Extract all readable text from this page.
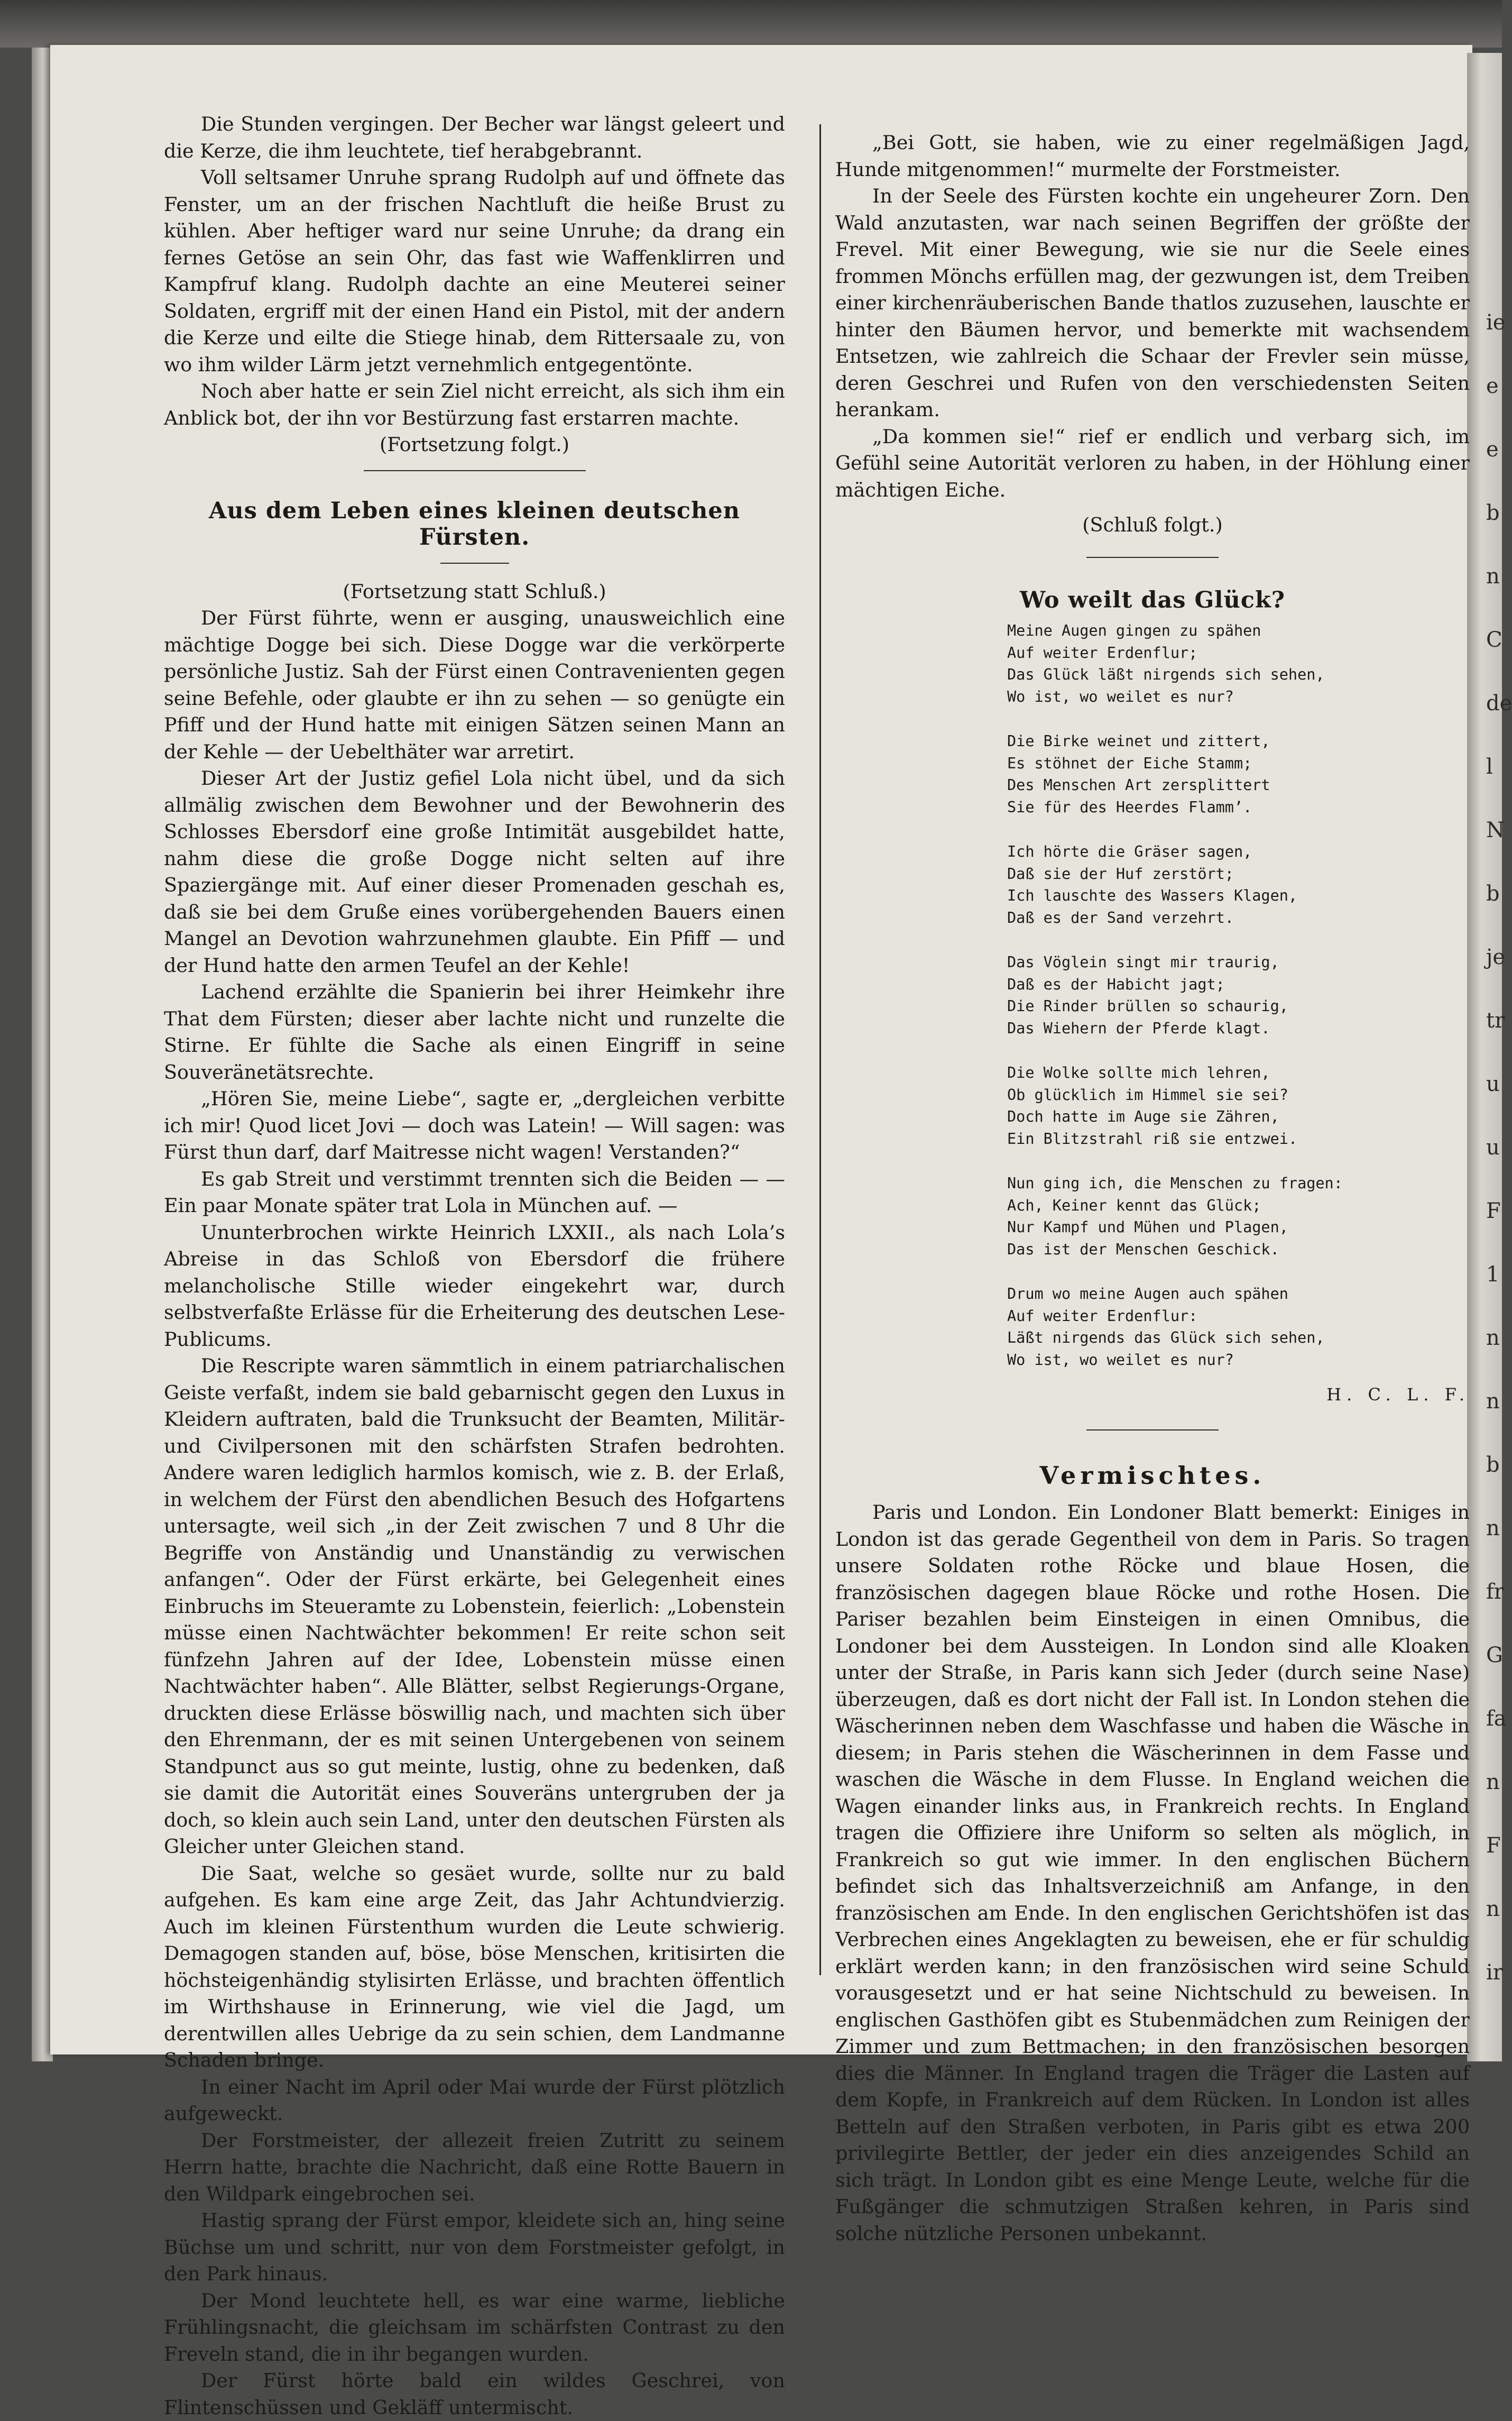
ie
e
e
b
n
C
de
l
N
b
je
tr
u
u
F
1
n
n
b
n
fr
G
fa
n
F
n
ir

Die Stunden vergingen. Der Becher war längst geleert und die Kerze, die ihm leuchtete, tief herabgebrannt.

Voll seltsamer Unruhe sprang Rudolph auf und öffnete das Fenster, um an der frischen Nachtluft die heiße Brust zu kühlen. Aber heftiger ward nur seine Unruhe; da drang ein fernes Getöse an sein Ohr, das fast wie Waffenklirren und Kampfruf klang. Rudolph dachte an eine Meuterei seiner Soldaten, ergriff mit der einen Hand ein Pistol, mit der andern die Kerze und eilte die Stiege hinab, dem Rittersaale zu, von wo ihm wilder Lärm jetzt vernehmlich entgegentönte.

Noch aber hatte er sein Ziel nicht erreicht, als sich ihm ein Anblick bot, der ihn vor Bestürzung fast erstarren machte.

(Fortsetzung folgt.)

Aus dem Leben eines kleinen deutschen Fürsten.

(Fortsetzung statt Schluß.)

Der Fürst führte, wenn er ausging, unausweichlich eine mächtige Dogge bei sich. Diese Dogge war die verkörperte persönliche Justiz. Sah der Fürst einen Contravenienten gegen seine Befehle, oder glaubte er ihn zu sehen — so genügte ein Pfiff und der Hund hatte mit einigen Sätzen seinen Mann an der Kehle — der Uebelthäter war arretirt.

Dieser Art der Justiz gefiel Lola nicht übel, und da sich allmälig zwischen dem Bewohner und der Bewohnerin des Schlosses Ebersdorf eine große Intimität ausgebildet hatte, nahm diese die große Dogge nicht selten auf ihre Spaziergänge mit. Auf einer dieser Promenaden geschah es, daß sie bei dem Gruße eines vorübergehenden Bauers einen Mangel an Devotion wahrzunehmen glaubte. Ein Pfiff — und der Hund hatte den armen Teufel an der Kehle!

Lachend erzählte die Spanierin bei ihrer Heimkehr ihre That dem Fürsten; dieser aber lachte nicht und runzelte die Stirne. Er fühlte die Sache als einen Eingriff in seine Souveränetätsrechte.

„Hören Sie, meine Liebe“, sagte er, „dergleichen verbitte ich mir! Quod licet Jovi — doch was Latein! — Will sagen: was Fürst thun darf, darf Maitresse nicht wagen! Verstanden?“

Es gab Streit und verstimmt trennten sich die Beiden — — Ein paar Monate später trat Lola in München auf. —

Ununterbrochen wirkte Heinrich LXXII., als nach Lola’s Abreise in das Schloß von Ebersdorf die frühere melancholische Stille wieder eingekehrt war, durch selbstverfaßte Erlässe für die Erheiterung des deutschen Lese-Publicums.

Die Rescripte waren sämmtlich in einem patriarchalischen Geiste verfaßt, indem sie bald gebarnischt gegen den Luxus in Kleidern auftraten, bald die Trunksucht der Beamten, Militär- und Civilpersonen mit den schärfsten Strafen bedrohten. Andere waren lediglich harmlos komisch, wie z. B. der Erlaß, in welchem der Fürst den abendlichen Besuch des Hofgartens untersagte, weil sich „in der Zeit zwischen 7 und 8 Uhr die Begriffe von Anständig und Unanständig zu verwischen anfangen“. Oder der Fürst erkärte, bei Gelegenheit eines Einbruchs im Steueramte zu Lobenstein, feierlich: „Lobenstein müsse einen Nachtwächter bekommen! Er reite schon seit fünfzehn Jahren auf der Idee, Lobenstein müsse einen Nachtwächter haben“. Alle Blätter, selbst Regierungs-Organe, druckten diese Erlässe böswillig nach, und machten sich über den Ehrenmann, der es mit seinen Untergebenen von seinem Standpunct aus so gut meinte, lustig, ohne zu bedenken, daß sie damit die Autorität eines Souveräns untergruben der ja doch, so klein auch sein Land, unter den deutschen Fürsten als Gleicher unter Gleichen stand.

Die Saat, welche so gesäet wurde, sollte nur zu bald aufgehen. Es kam eine arge Zeit, das Jahr Achtundvierzig. Auch im kleinen Fürstenthum wurden die Leute schwierig. Demagogen standen auf, böse, böse Menschen, kritisirten die höchsteigenhändig stylisirten Erlässe, und brachten öffentlich im Wirthshause in Erinnerung, wie viel die Jagd, um derentwillen alles Uebrige da zu sein schien, dem Landmanne Schaden bringe.

In einer Nacht im April oder Mai wurde der Fürst plötzlich aufgeweckt.

Der Forstmeister, der allezeit freien Zutritt zu seinem Herrn hatte, brachte die Nachricht, daß eine Rotte Bauern in den Wildpark eingebrochen sei.

Hastig sprang der Fürst empor, kleidete sich an, hing seine Büchse um und schritt, nur von dem Forstmeister gefolgt, in den Park hinaus.

Der Mond leuchtete hell, es war eine warme, liebliche Frühlingsnacht, die gleichsam im schärfsten Contrast zu den Freveln stand, die in ihr begangen wurden.

Der Fürst hörte bald ein wildes Geschrei, von Flintenschüssen und Gekläff untermischt.

„Bei Gott, sie haben, wie zu einer regelmäßigen Jagd, Hunde mitgenommen!“ murmelte der Forstmeister.

In der Seele des Fürsten kochte ein ungeheurer Zorn. Den Wald anzutasten, war nach seinen Begriffen der größte der Frevel. Mit einer Bewegung, wie sie nur die Seele eines frommen Mönchs erfüllen mag, der gezwungen ist, dem Treiben einer kirchenräuberischen Bande thatlos zuzusehen, lauschte er hinter den Bäumen hervor, und bemerkte mit wachsendem Entsetzen, wie zahlreich die Schaar der Frevler sein müsse, deren Geschrei und Rufen von den verschiedensten Seiten herankam.

„Da kommen sie!“ rief er endlich und verbarg sich, im Gefühl seine Autorität verloren zu haben, in der Höhlung einer mächtigen Eiche.

(Schluß folgt.)

Wo weilt das Glück?

Meine Augen gingen zu spähen
Auf weiter Erdenflur;
Das Glück läßt nirgends sich sehen,
Wo ist, wo weilet es nur?
Die Birke weinet und zittert,
Es stöhnet der Eiche Stamm;
Des Menschen Art zersplittert
Sie für des Heerdes Flamm’.
Ich hörte die Gräser sagen,
Daß sie der Huf zerstört;
Ich lauschte des Wassers Klagen,
Daß es der Sand verzehrt.
Das Vöglein singt mir traurig,
Daß es der Habicht jagt;
Die Rinder brüllen so schaurig,
Das Wiehern der Pferde klagt.
Die Wolke sollte mich lehren,
Ob glücklich im Himmel sie sei?
Doch hatte im Auge sie Zähren,
Ein Blitzstrahl riß sie entzwei.
Nun ging ich, die Menschen zu fragen:
Ach, Keiner kennt das Glück;
Nur Kampf und Mühen und Plagen,
Das ist der Menschen Geschick.
Drum wo meine Augen auch spähen
Auf weiter Erdenflur:
Läßt nirgends das Glück sich sehen,
Wo ist, wo weilet es nur?

H. C. L. F.

Vermischtes.

Paris und London. Ein Londoner Blatt bemerkt: Einiges in London ist das gerade Gegentheil von dem in Paris. So tragen unsere Soldaten rothe Röcke und blaue Hosen, die französischen dagegen blaue Röcke und rothe Hosen. Die Pariser bezahlen beim Einsteigen in einen Omnibus, die Londoner bei dem Aussteigen. In London sind alle Kloaken unter der Straße, in Paris kann sich Jeder (durch seine Nase) überzeugen, daß es dort nicht der Fall ist. In London stehen die Wäscherinnen neben dem Waschfasse und haben die Wäsche in diesem; in Paris stehen die Wäscherinnen in dem Fasse und waschen die Wäsche in dem Flusse. In England weichen die Wagen einander links aus, in Frankreich rechts. In England tragen die Offiziere ihre Uniform so selten als möglich, in Frankreich so gut wie immer. In den englischen Büchern befindet sich das Inhaltsverzeichniß am Anfange, in den französischen am Ende. In den englischen Gerichtshöfen ist das Verbrechen eines Angeklagten zu beweisen, ehe er für schuldig erklärt werden kann; in den französischen wird seine Schuld vorausgesetzt und er hat seine Nichtschuld zu beweisen. In englischen Gasthöfen gibt es Stubenmädchen zum Reinigen der Zimmer und zum Bettmachen; in den französischen besorgen dies die Männer. In England tragen die Träger die Lasten auf dem Kopfe, in Frankreich auf dem Rücken. In London ist alles Betteln auf den Straßen verboten, in Paris gibt es etwa 200 privilegirte Bettler, der jeder ein dies anzeigendes Schild an sich trägt. In London gibt es eine Menge Leute, welche für die Fußgänger die schmutzigen Straßen kehren, in Paris sind solche nützliche Personen unbekannt.
